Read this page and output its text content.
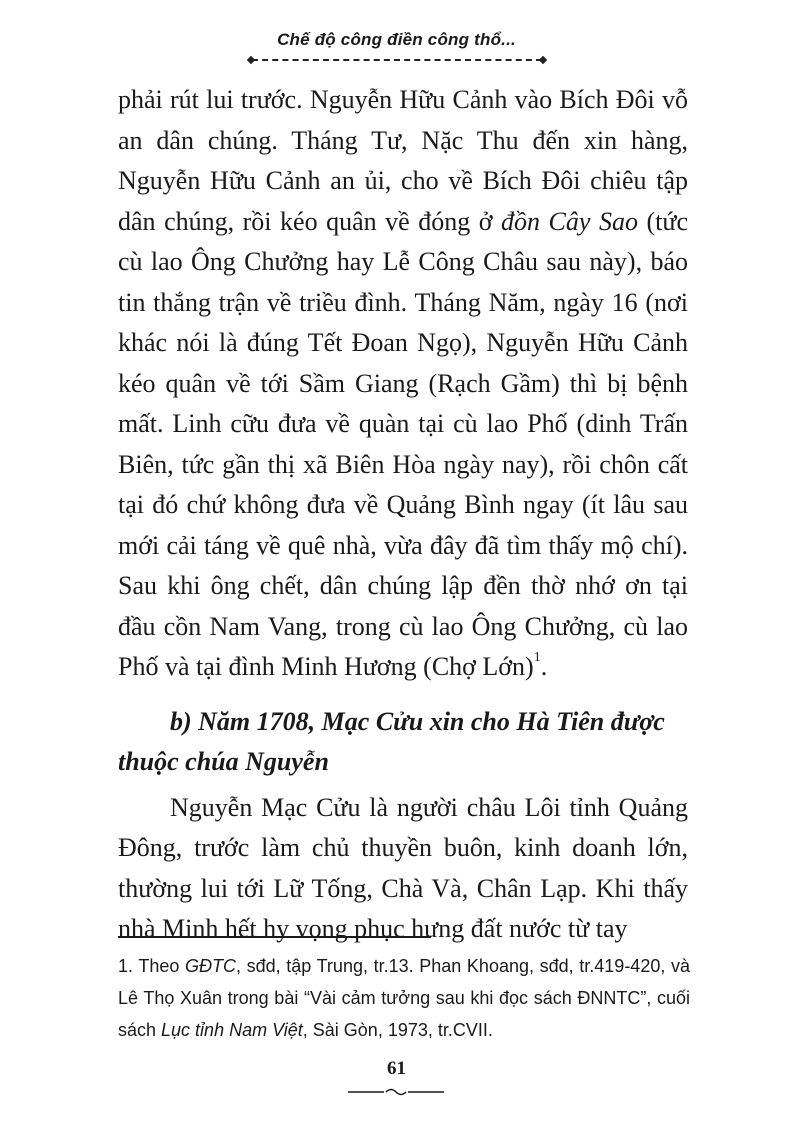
Chế độ công điền công thổ...

phải rút lui trước. Nguyễn Hữu Cảnh vào Bích Đôi vỗ an dân chúng. Tháng Tư, Nặc Thu đến xin hàng, Nguyễn Hữu Cảnh an ủi, cho về Bích Đôi chiêu tập dân chúng, rồi kéo quân về đóng ở đồn Cây Sao (tức cù lao Ông Chưởng hay Lễ Công Châu sau này), báo tin thắng trận về triều đình. Tháng Năm, ngày 16 (nơi khác nói là đúng Tết Đoan Ngọ), Nguyễn Hữu Cảnh kéo quân về tới Sầm Giang (Rạch Gầm) thì bị bệnh mất. Linh cữu đưa về quàn tại cù lao Phố (dinh Trấn Biên, tức gần thị xã Biên Hòa ngày nay), rồi chôn cất tại đó chứ không đưa về Quảng Bình ngay (ít lâu sau mới cải táng về quê nhà, vừa đây đã tìm thấy mộ chí). Sau khi ông chết, dân chúng lập đền thờ nhớ ơn tại đầu cồn Nam Vang, trong cù lao Ông Chưởng, cù lao Phố và tại đình Minh Hương (Chợ Lớn)$^1$.

b) Năm 1708, Mạc Cửu xin cho Hà Tiên được thuộc chúa Nguyễn

Nguyễn Mạc Cửu là người châu Lôi tỉnh Quảng Đông, trước làm chủ thuyền buôn, kinh doanh lớn, thường lui tới Lữ Tống, Chà Và, Chân Lạp. Khi thấy nhà Minh hết hy vọng phục hưng đất nước từ tay

1. Theo GĐTC, sđd, tập Trung, tr.13. Phan Khoang, sđd, tr.419-420, và Lê Thọ Xuân trong bài “Vài cảm tưởng sau khi đọc sách ĐNNTC”, cuối sách Lục tỉnh Nam Việt, Sài Gòn, 1973, tr.CVII.

61
